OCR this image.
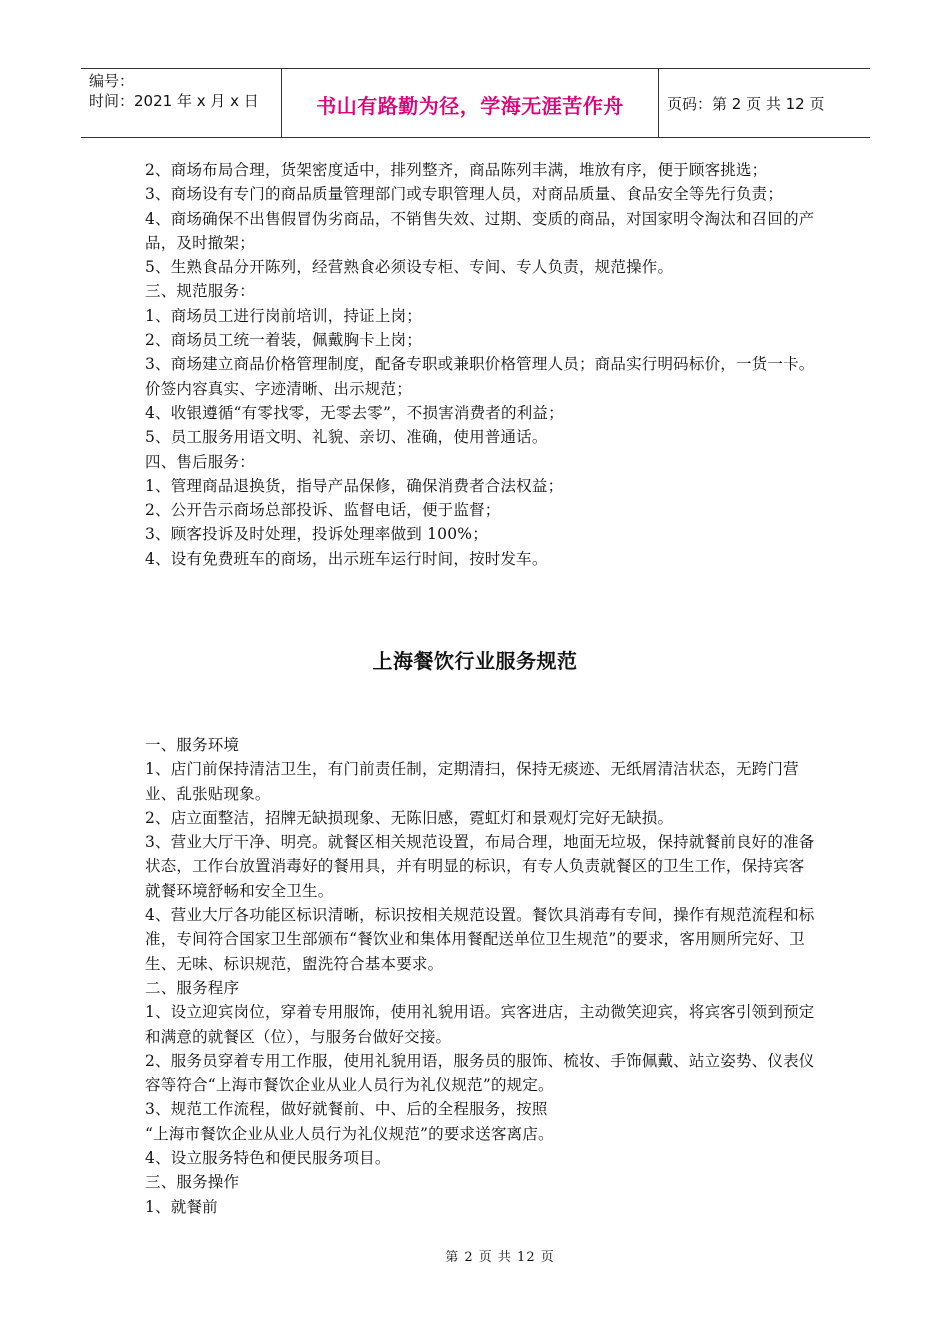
编号：
时间：2021 年 x 月 x 日	书山有路勤为径，学海无涯苦作舟	页码：第 2 页 共 12 页

2、商场布局合理，货架密度适中，排列整齐，商品陈列丰满，堆放有序，便于顾客挑选；

3、商场设有专门的商品质量管理部门或专职管理人员，对商品质量、食品安全等先行负责；

4、商场确保不出售假冒伪劣商品，不销售失效、过期、变质的商品，对国家明令淘汰和召回的产品，及时撤架；

5、生熟食品分开陈列，经营熟食必须设专柜、专间、专人负责，规范操作。

三、规范服务：

1、商场员工进行岗前培训，持证上岗；

2、商场员工统一着装，佩戴胸卡上岗；

3、商场建立商品价格管理制度，配备专职或兼职价格管理人员；商品实行明码标价，一货一卡。价签内容真实、字迹清晰、出示规范；

4、收银遵循“有零找零，无零去零”，不损害消费者的利益；

5、员工服务用语文明、礼貌、亲切、准确，使用普通话。

四、售后服务：

1、管理商品退换货，指导产品保修，确保消费者合法权益；

2、公开告示商场总部投诉、监督电话，便于监督；

3、顾客投诉及时处理，投诉处理率做到 100%；

4、设有免费班车的商场，出示班车运行时间，按时发车。

上海餐饮行业服务规范

一、服务环境

1、店门前保持清洁卫生，有门前责任制，定期清扫，保持无痰迹、无纸屑清洁状态，无跨门营业、乱张贴现象。

2、店立面整洁，招牌无缺损现象、无陈旧感，霓虹灯和景观灯完好无缺损。

3、营业大厅干净、明亮。就餐区相关规范设置，布局合理，地面无垃圾，保持就餐前良好的准备状态，工作台放置消毒好的餐用具，并有明显的标识，有专人负责就餐区的卫生工作，保持宾客就餐环境舒畅和安全卫生。

4、营业大厅各功能区标识清晰，标识按相关规范设置。餐饮具消毒有专间，操作有规范流程和标准，专间符合国家卫生部颁布“餐饮业和集体用餐配送单位卫生规范”的要求，客用厕所完好、卫生、无味、标识规范，盥洗符合基本要求。

二、服务程序

1、设立迎宾岗位，穿着专用服饰，使用礼貌用语。宾客进店，主动微笑迎宾，将宾客引领到预定和满意的就餐区（位），与服务台做好交接。

2、服务员穿着专用工作服，使用礼貌用语，服务员的服饰、梳妆、手饰佩戴、站立姿势、仪表仪容等符合“上海市餐饮企业从业人员行为礼仪规范”的规定。

3、规范工作流程，做好就餐前、中、后的全程服务，按照

“上海市餐饮企业从业人员行为礼仪规范”的要求送客离店。

4、设立服务特色和便民服务项目。

三、服务操作

1、就餐前

第 2 页 共 12 页
